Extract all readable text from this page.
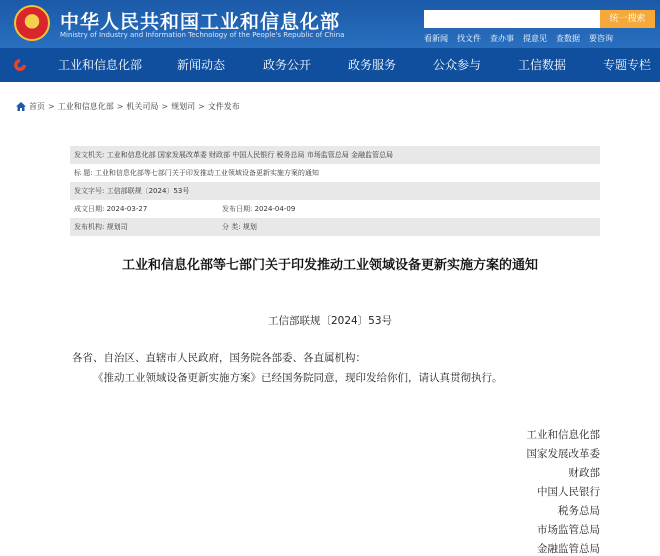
中华人民共和国工业和信息化部
Ministry of Industry and Information Technology of the People's Republic of China
统一搜索
看新闻 找文件 查办事 提意见 查数据 要咨询
工业和信息化部	新闻动态	政务公开	政务服务	公众参与	工信数据	专题专栏
首页 > 工业和信息化部 > 机关司局 > 规划司 > 文件发布
发文机关: 工业和信息化部 国家发展改革委 财政部 中国人民银行 税务总局 市场监管总局 金融监管总局
标 题: 工业和信息化部等七部门关于印发推动工业领域设备更新实施方案的通知
发文字号: 工信部联规〔2024〕53号
成文日期: 2024-03-27	发布日期: 2024-04-09
发布机构: 规划司	分 类: 规划
工业和信息化部等七部门关于印发推动工业领域设备更新实施方案的通知
工信部联规〔2024〕53号
各省、自治区、直辖市人民政府，国务院各部委、各直属机构：
《推动工业领域设备更新实施方案》已经国务院同意，现印发给你们，请认真贯彻执行。
工业和信息化部
国家发展改革委
财政部
中国人民银行
税务总局
市场监管总局
金融监管总局
